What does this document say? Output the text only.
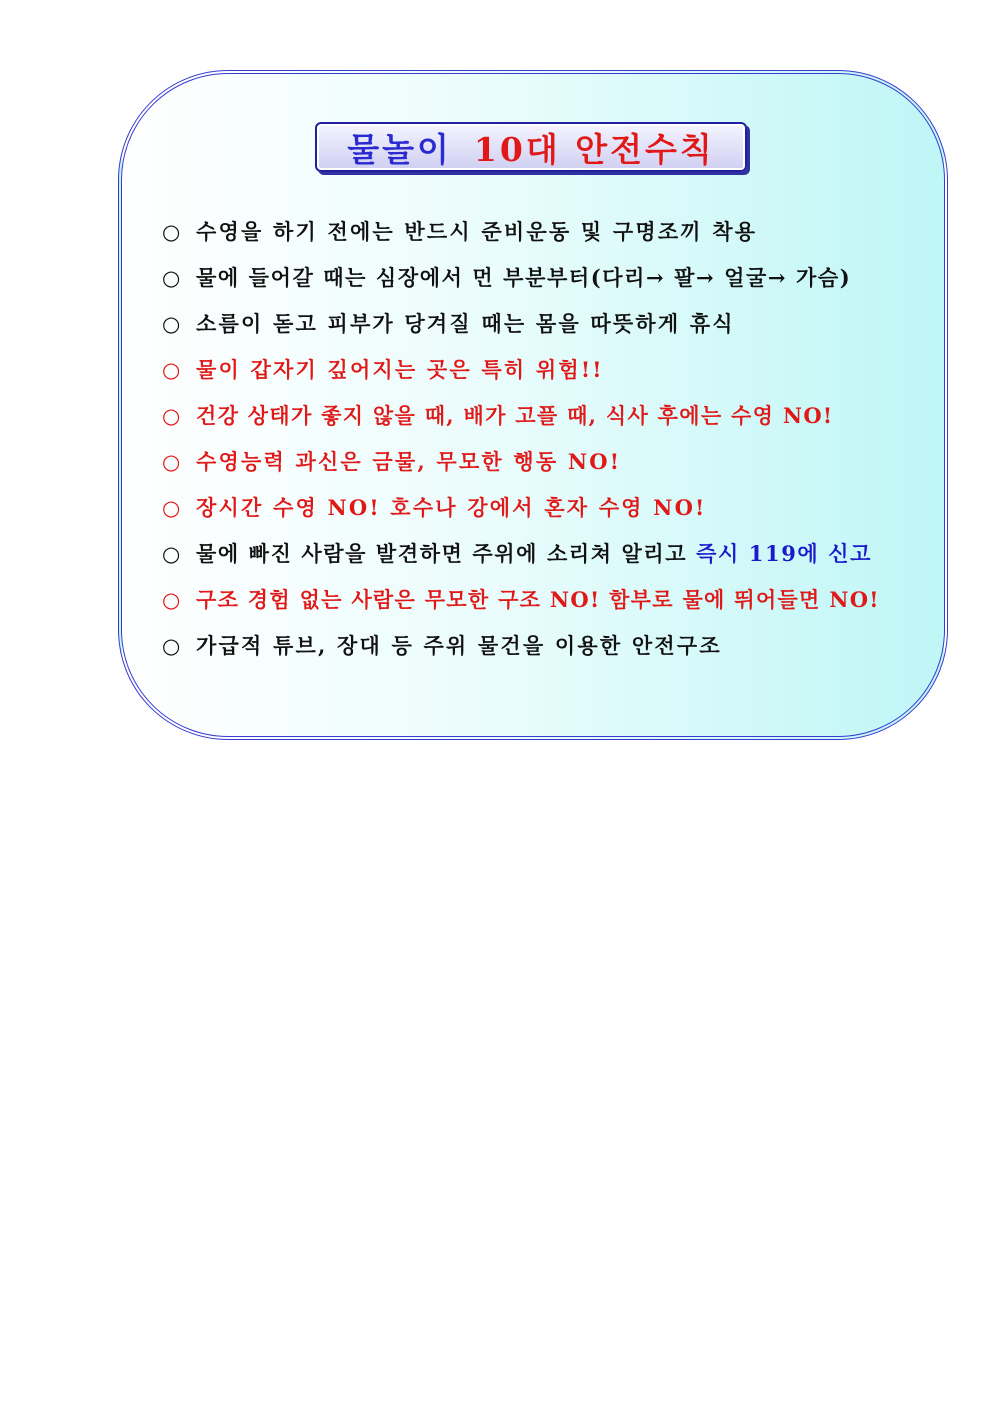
물놀이 10대 안전수칙
○ 수영을 하기 전에는 반드시 준비운동 및 구명조끼 착용
○ 물에 들어갈 때는 심장에서 먼 부분부터(다리→ 팔→ 얼굴→ 가슴)
○ 소름이 돋고 피부가 당겨질 때는 몸을 따뜻하게 휴식
○ 물이 갑자기 깊어지는 곳은 특히 위험!!
○ 건강 상태가 좋지 않을 때, 배가 고플 때, 식사 후에는 수영 NO!
○ 수영능력 과신은 금물, 무모한 행동 NO!
○ 장시간 수영 NO! 호수나 강에서 혼자 수영 NO!
○ 물에 빠진 사람을 발견하면 주위에 소리쳐 알리고 즉시 119에 신고
○ 구조 경험 없는 사람은 무모한 구조 NO! 함부로 물에 뛰어들면 NO!
○ 가급적 튜브, 장대 등 주위 물건을 이용한 안전구조
